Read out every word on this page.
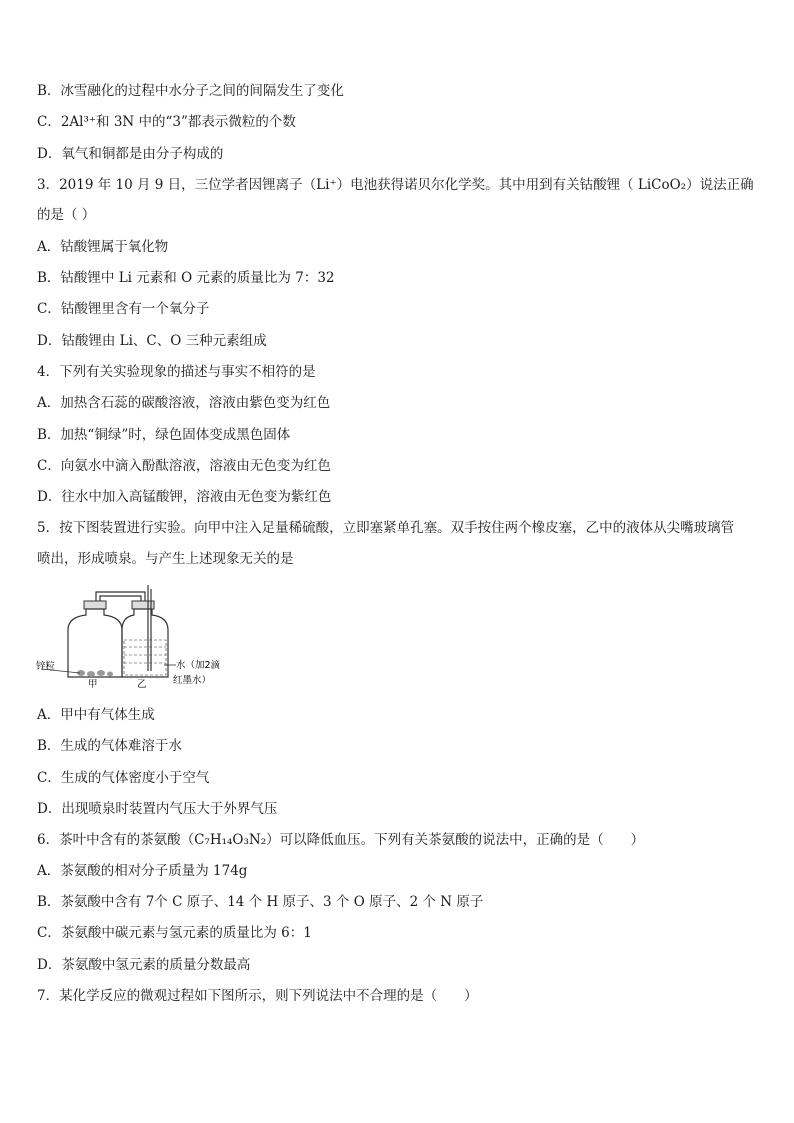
B．冰雪融化的过程中水分子之间的间隔发生了变化
C．2Al³⁺和 3N 中的“3”都表示微粒的个数
D．氧气和铜都是由分子构成的
3．2019 年 10 月 9 日，三位学者因锂离子（Li⁺）电池获得诺贝尔化学奖。其中用到有关钴酸锂（ LiCoO₂）说法正确
的是（ ）
A．钴酸锂属于氧化物
B．钴酸锂中 Li 元素和 O 元素的质量比为 7：32
C．钴酸锂里含有一个氧分子
D．钴酸锂由 Li、C、O 三种元素组成
4．下列有关实验现象的描述与事实不相符的是
A．加热含石蕊的碳酸溶液，溶液由紫色变为红色
B．加热“铜绿”时，绿色固体变成黑色固体
C．向氨水中滴入酚酞溶液，溶液由无色变为红色
D．往水中加入高锰酸钾，溶液由无色变为紫红色
5．按下图装置进行实验。向甲中注入足量稀硫酸，立即塞紧单孔塞。双手按住两个橡皮塞，乙中的液体从尖嘴玻璃管
喷出，形成喷泉。与产生上述现象无关的是
锌粒
甲	乙
水（加2滴
红墨水）
A．甲中有气体生成
B．生成的气体难溶于水
C．生成的气体密度小于空气
D．出现喷泉时装置内气压大于外界气压
6．茶叶中含有的茶氨酸（C₇H₁₄O₃N₂）可以降低血压。下列有关茶氨酸的说法中，正确的是（　　）
A．茶氨酸的相对分子质量为 174g
B．茶氨酸中含有 7个 C 原子、14 个 H 原子、3 个 O 原子、2 个 N 原子
C．茶氨酸中碳元素与氢元素的质量比为 6：1
D．茶氨酸中氢元素的质量分数最高
7．某化学反应的微观过程如下图所示，则下列说法中不合理的是（　　）
